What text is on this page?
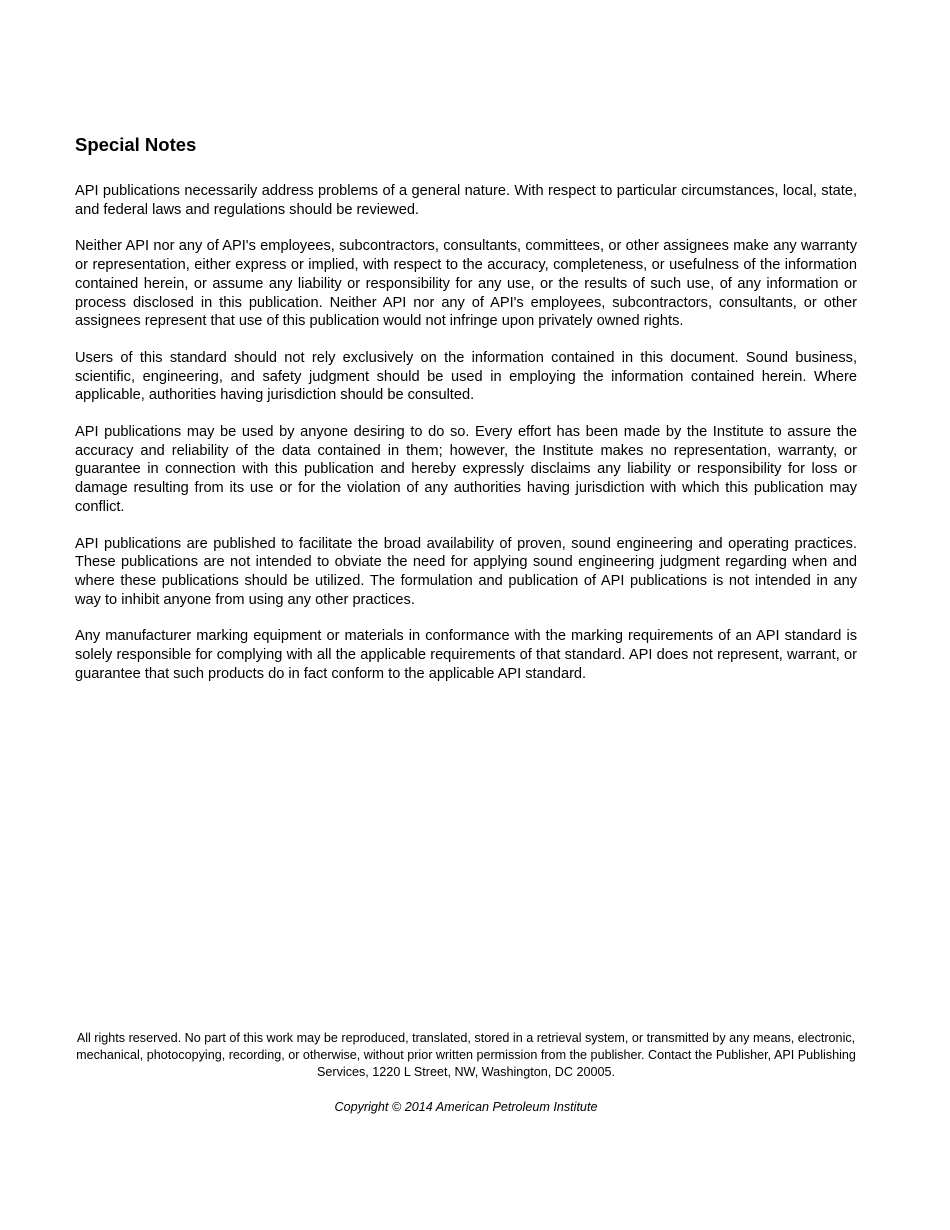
Special Notes

API publications necessarily address problems of a general nature. With respect to particular circumstances, local, state, and federal laws and regulations should be reviewed.

Neither API nor any of API's employees, subcontractors, consultants, committees, or other assignees make any warranty or representation, either express or implied, with respect to the accuracy, completeness, or usefulness of the information contained herein, or assume any liability or responsibility for any use, or the results of such use, of any information or process disclosed in this publication. Neither API nor any of API's employees, subcontractors, consultants, or other assignees represent that use of this publication would not infringe upon privately owned rights.

Users of this standard should not rely exclusively on the information contained in this document. Sound business, scientific, engineering, and safety judgment should be used in employing the information contained herein. Where applicable, authorities having jurisdiction should be consulted.

API publications may be used by anyone desiring to do so. Every effort has been made by the Institute to assure the accuracy and reliability of the data contained in them; however, the Institute makes no representation, warranty, or guarantee in connection with this publication and hereby expressly disclaims any liability or responsibility for loss or damage resulting from its use or for the violation of any authorities having jurisdiction with which this publication may conflict.

API publications are published to facilitate the broad availability of proven, sound engineering and operating practices. These publications are not intended to obviate the need for applying sound engineering judgment regarding when and where these publications should be utilized. The formulation and publication of API publications is not intended in any way to inhibit anyone from using any other practices.

Any manufacturer marking equipment or materials in conformance with the marking requirements of an API standard is solely responsible for complying with all the applicable requirements of that standard. API does not represent, warrant, or guarantee that such products do in fact conform to the applicable API standard.

All rights reserved. No part of this work may be reproduced, translated, stored in a retrieval system, or transmitted by any means, electronic, mechanical, photocopying, recording, or otherwise, without prior written permission from the publisher. Contact the Publisher, API Publishing Services, 1220 L Street, NW, Washington, DC 20005.

Copyright © 2014 American Petroleum Institute
